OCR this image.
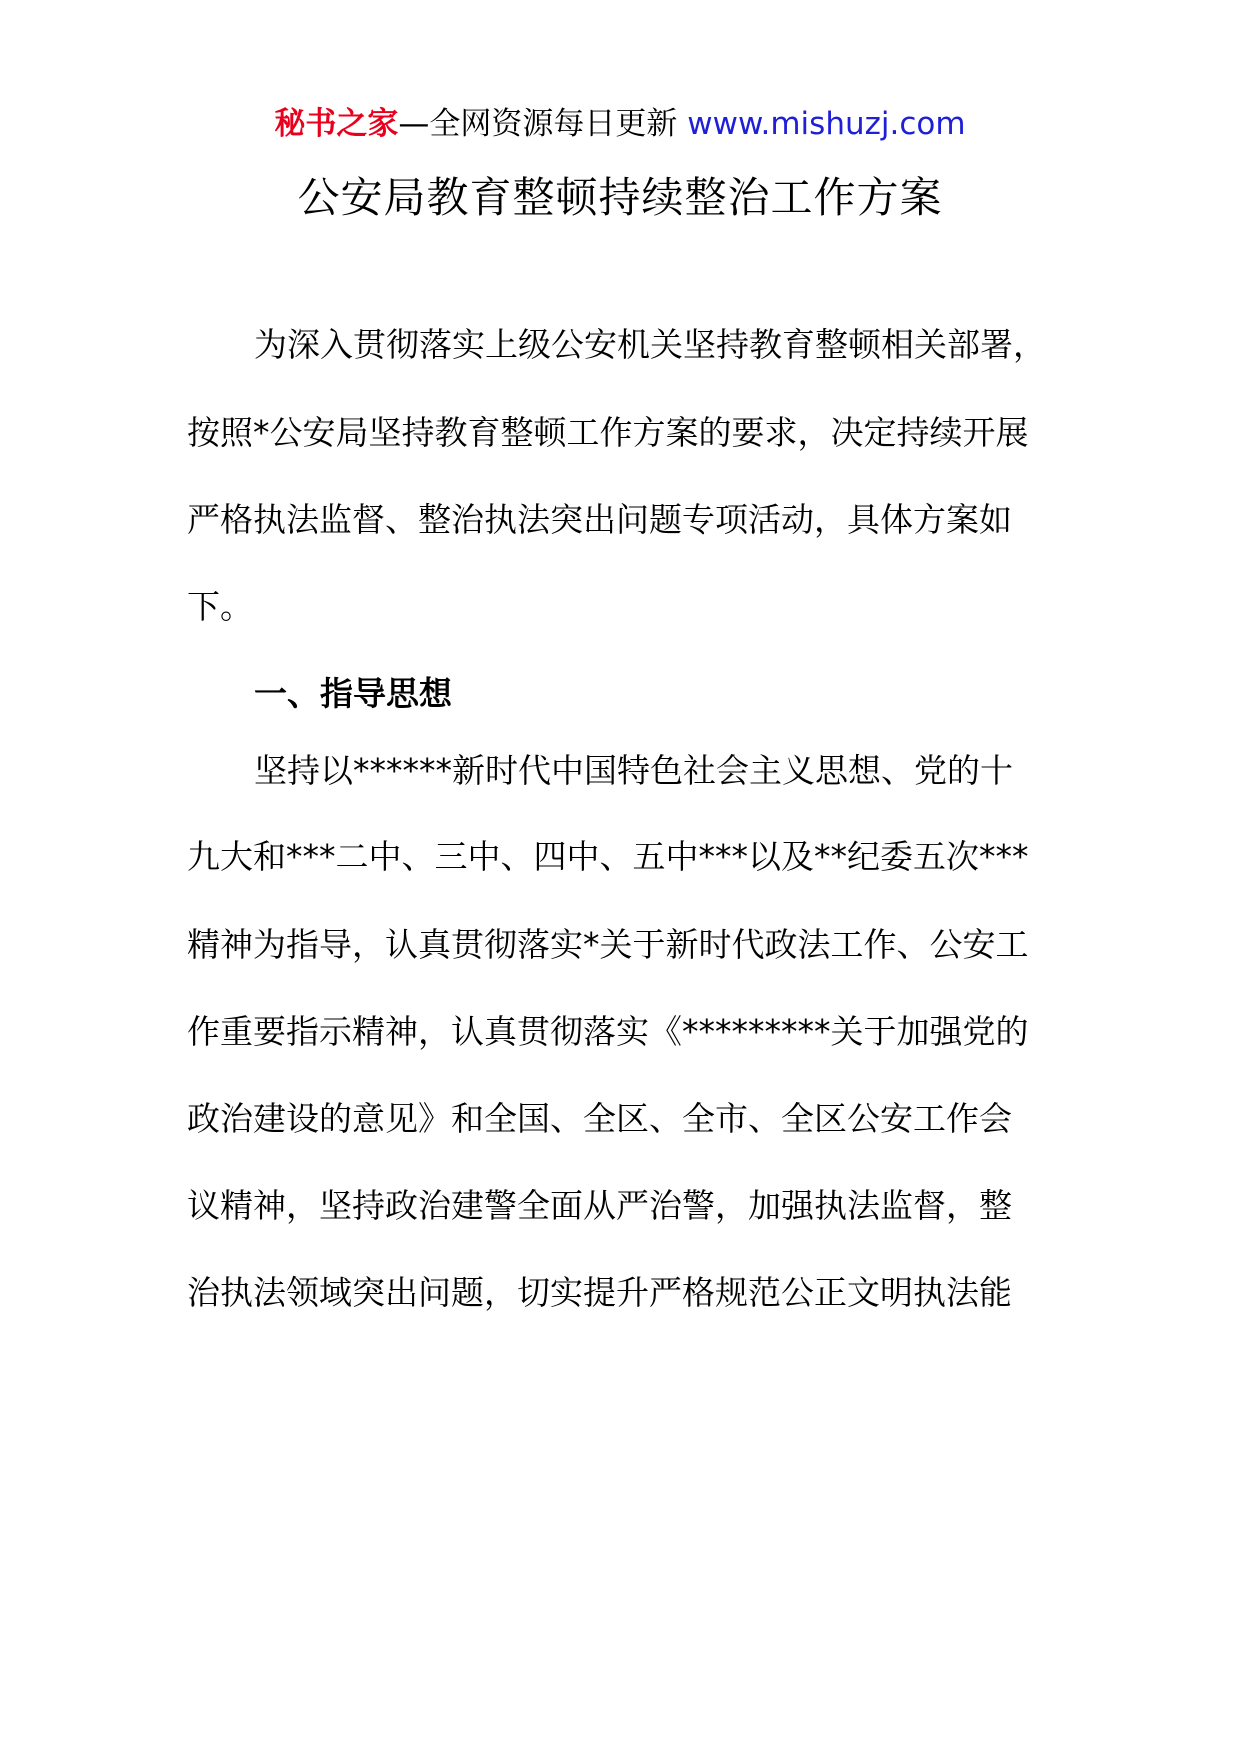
秘书之家—全网资源每日更新 www.mishuzj.com
公安局教育整顿持续整治工作方案
为深入贯彻落实上级公安机关坚持教育整顿相关部署，
按照*公安局坚持教育整顿工作方案的要求，决定持续开展
严格执法监督、整治执法突出问题专项活动，具体方案如
下。
一、指导思想
坚持以******新时代中国特色社会主义思想、党的十
九大和***二中、三中、四中、五中***以及**纪委五次***
精神为指导，认真贯彻落实*关于新时代政法工作、公安工
作重要指示精神，认真贯彻落实《*********关于加强党的
政治建设的意见》和全国、全区、全市、全区公安工作会
议精神，坚持政治建警全面从严治警，加强执法监督，整
治执法领域突出问题，切实提升严格规范公正文明执法能
